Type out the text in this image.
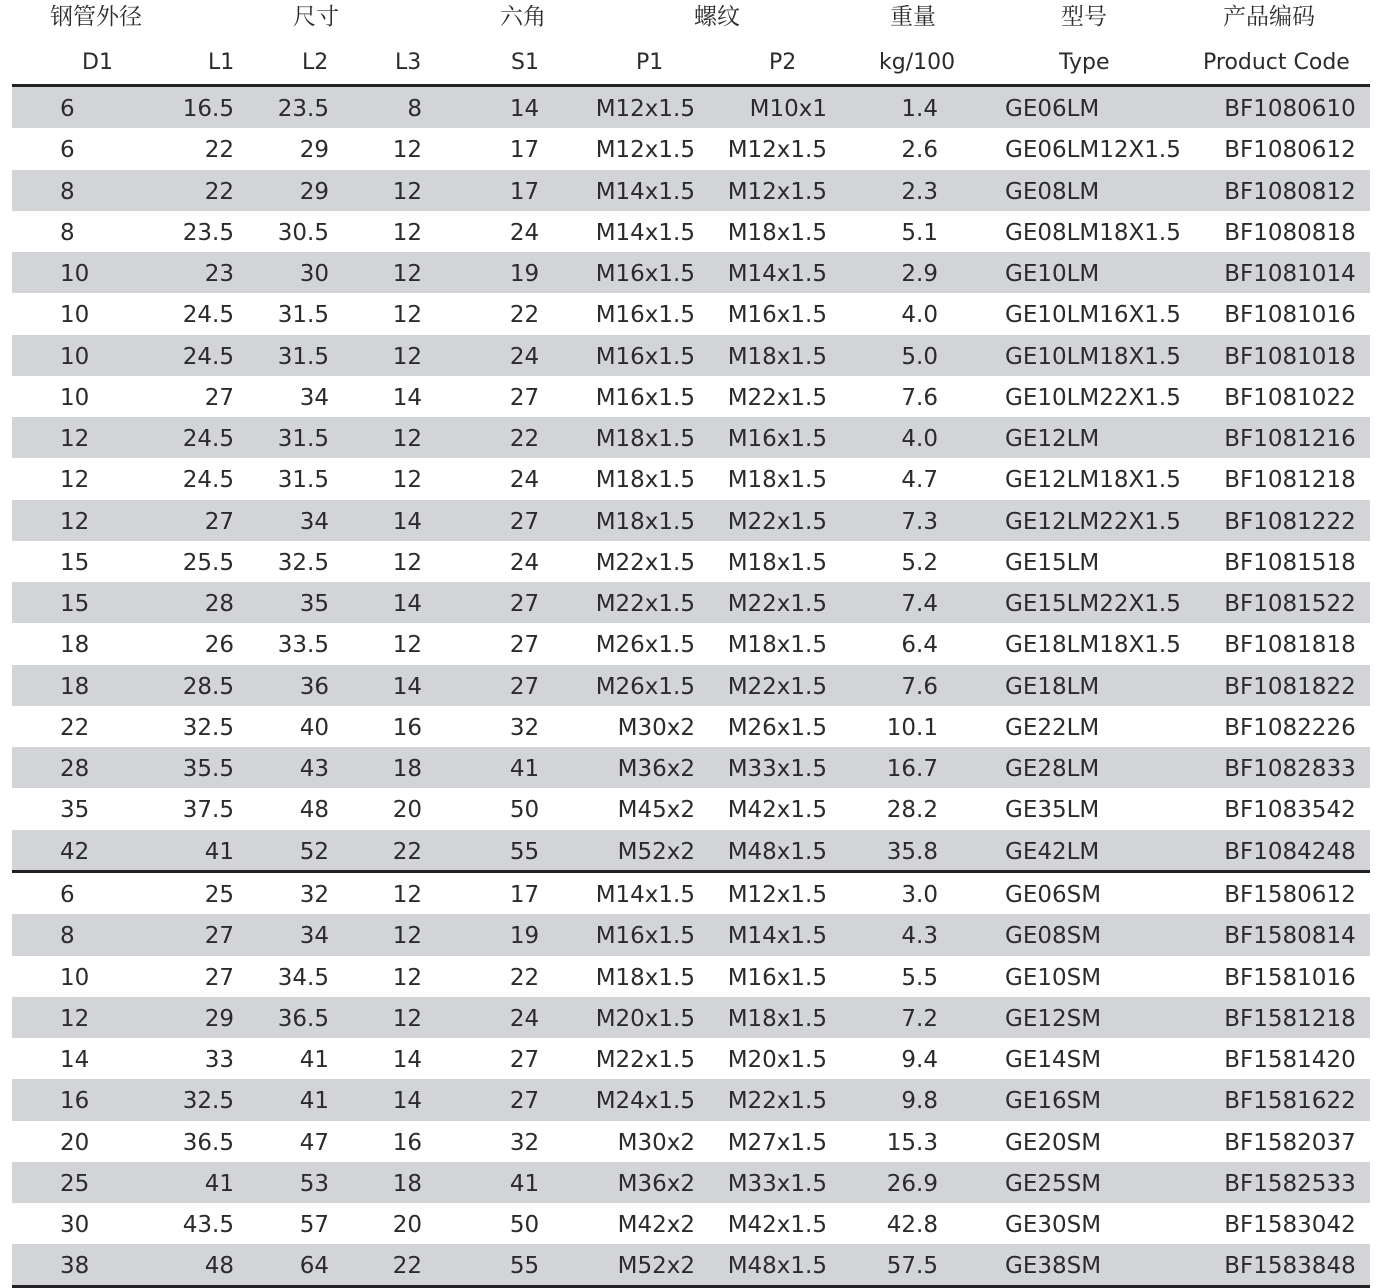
钢管外径	尺寸	六角	螺纹	重量	型号	产品编码
D1	L1	L2	L3	S1	P1	P2	kg/100	Type	Product Code
6	16.5	23.5	8	14	M12x1.5	M10x1	1.4	GE06LM	BF1080610
6	22	29	12	17	M12x1.5	M12x1.5	2.6	GE06LM12X1.5	BF1080612
8	22	29	12	17	M14x1.5	M12x1.5	2.3	GE08LM	BF1080812
8	23.5	30.5	12	24	M14x1.5	M18x1.5	5.1	GE08LM18X1.5	BF1080818
10	23	30	12	19	M16x1.5	M14x1.5	2.9	GE10LM	BF1081014
10	24.5	31.5	12	22	M16x1.5	M16x1.5	4.0	GE10LM16X1.5	BF1081016
10	24.5	31.5	12	24	M16x1.5	M18x1.5	5.0	GE10LM18X1.5	BF1081018
10	27	34	14	27	M16x1.5	M22x1.5	7.6	GE10LM22X1.5	BF1081022
12	24.5	31.5	12	22	M18x1.5	M16x1.5	4.0	GE12LM	BF1081216
12	24.5	31.5	12	24	M18x1.5	M18x1.5	4.7	GE12LM18X1.5	BF1081218
12	27	34	14	27	M18x1.5	M22x1.5	7.3	GE12LM22X1.5	BF1081222
15	25.5	32.5	12	24	M22x1.5	M18x1.5	5.2	GE15LM	BF1081518
15	28	35	14	27	M22x1.5	M22x1.5	7.4	GE15LM22X1.5	BF1081522
18	26	33.5	12	27	M26x1.5	M18x1.5	6.4	GE18LM18X1.5	BF1081818
18	28.5	36	14	27	M26x1.5	M22x1.5	7.6	GE18LM	BF1081822
22	32.5	40	16	32	M30x2	M26x1.5	10.1	GE22LM	BF1082226
28	35.5	43	18	41	M36x2	M33x1.5	16.7	GE28LM	BF1082833
35	37.5	48	20	50	M45x2	M42x1.5	28.2	GE35LM	BF1083542
42	41	52	22	55	M52x2	M48x1.5	35.8	GE42LM	BF1084248
6	25	32	12	17	M14x1.5	M12x1.5	3.0	GE06SM	BF1580612
8	27	34	12	19	M16x1.5	M14x1.5	4.3	GE08SM	BF1580814
10	27	34.5	12	22	M18x1.5	M16x1.5	5.5	GE10SM	BF1581016
12	29	36.5	12	24	M20x1.5	M18x1.5	7.2	GE12SM	BF1581218
14	33	41	14	27	M22x1.5	M20x1.5	9.4	GE14SM	BF1581420
16	32.5	41	14	27	M24x1.5	M22x1.5	9.8	GE16SM	BF1581622
20	36.5	47	16	32	M30x2	M27x1.5	15.3	GE20SM	BF1582037
25	41	53	18	41	M36x2	M33x1.5	26.9	GE25SM	BF1582533
30	43.5	57	20	50	M42x2	M42x1.5	42.8	GE30SM	BF1583042
38	48	64	22	55	M52x2	M48x1.5	57.5	GE38SM	BF1583848
